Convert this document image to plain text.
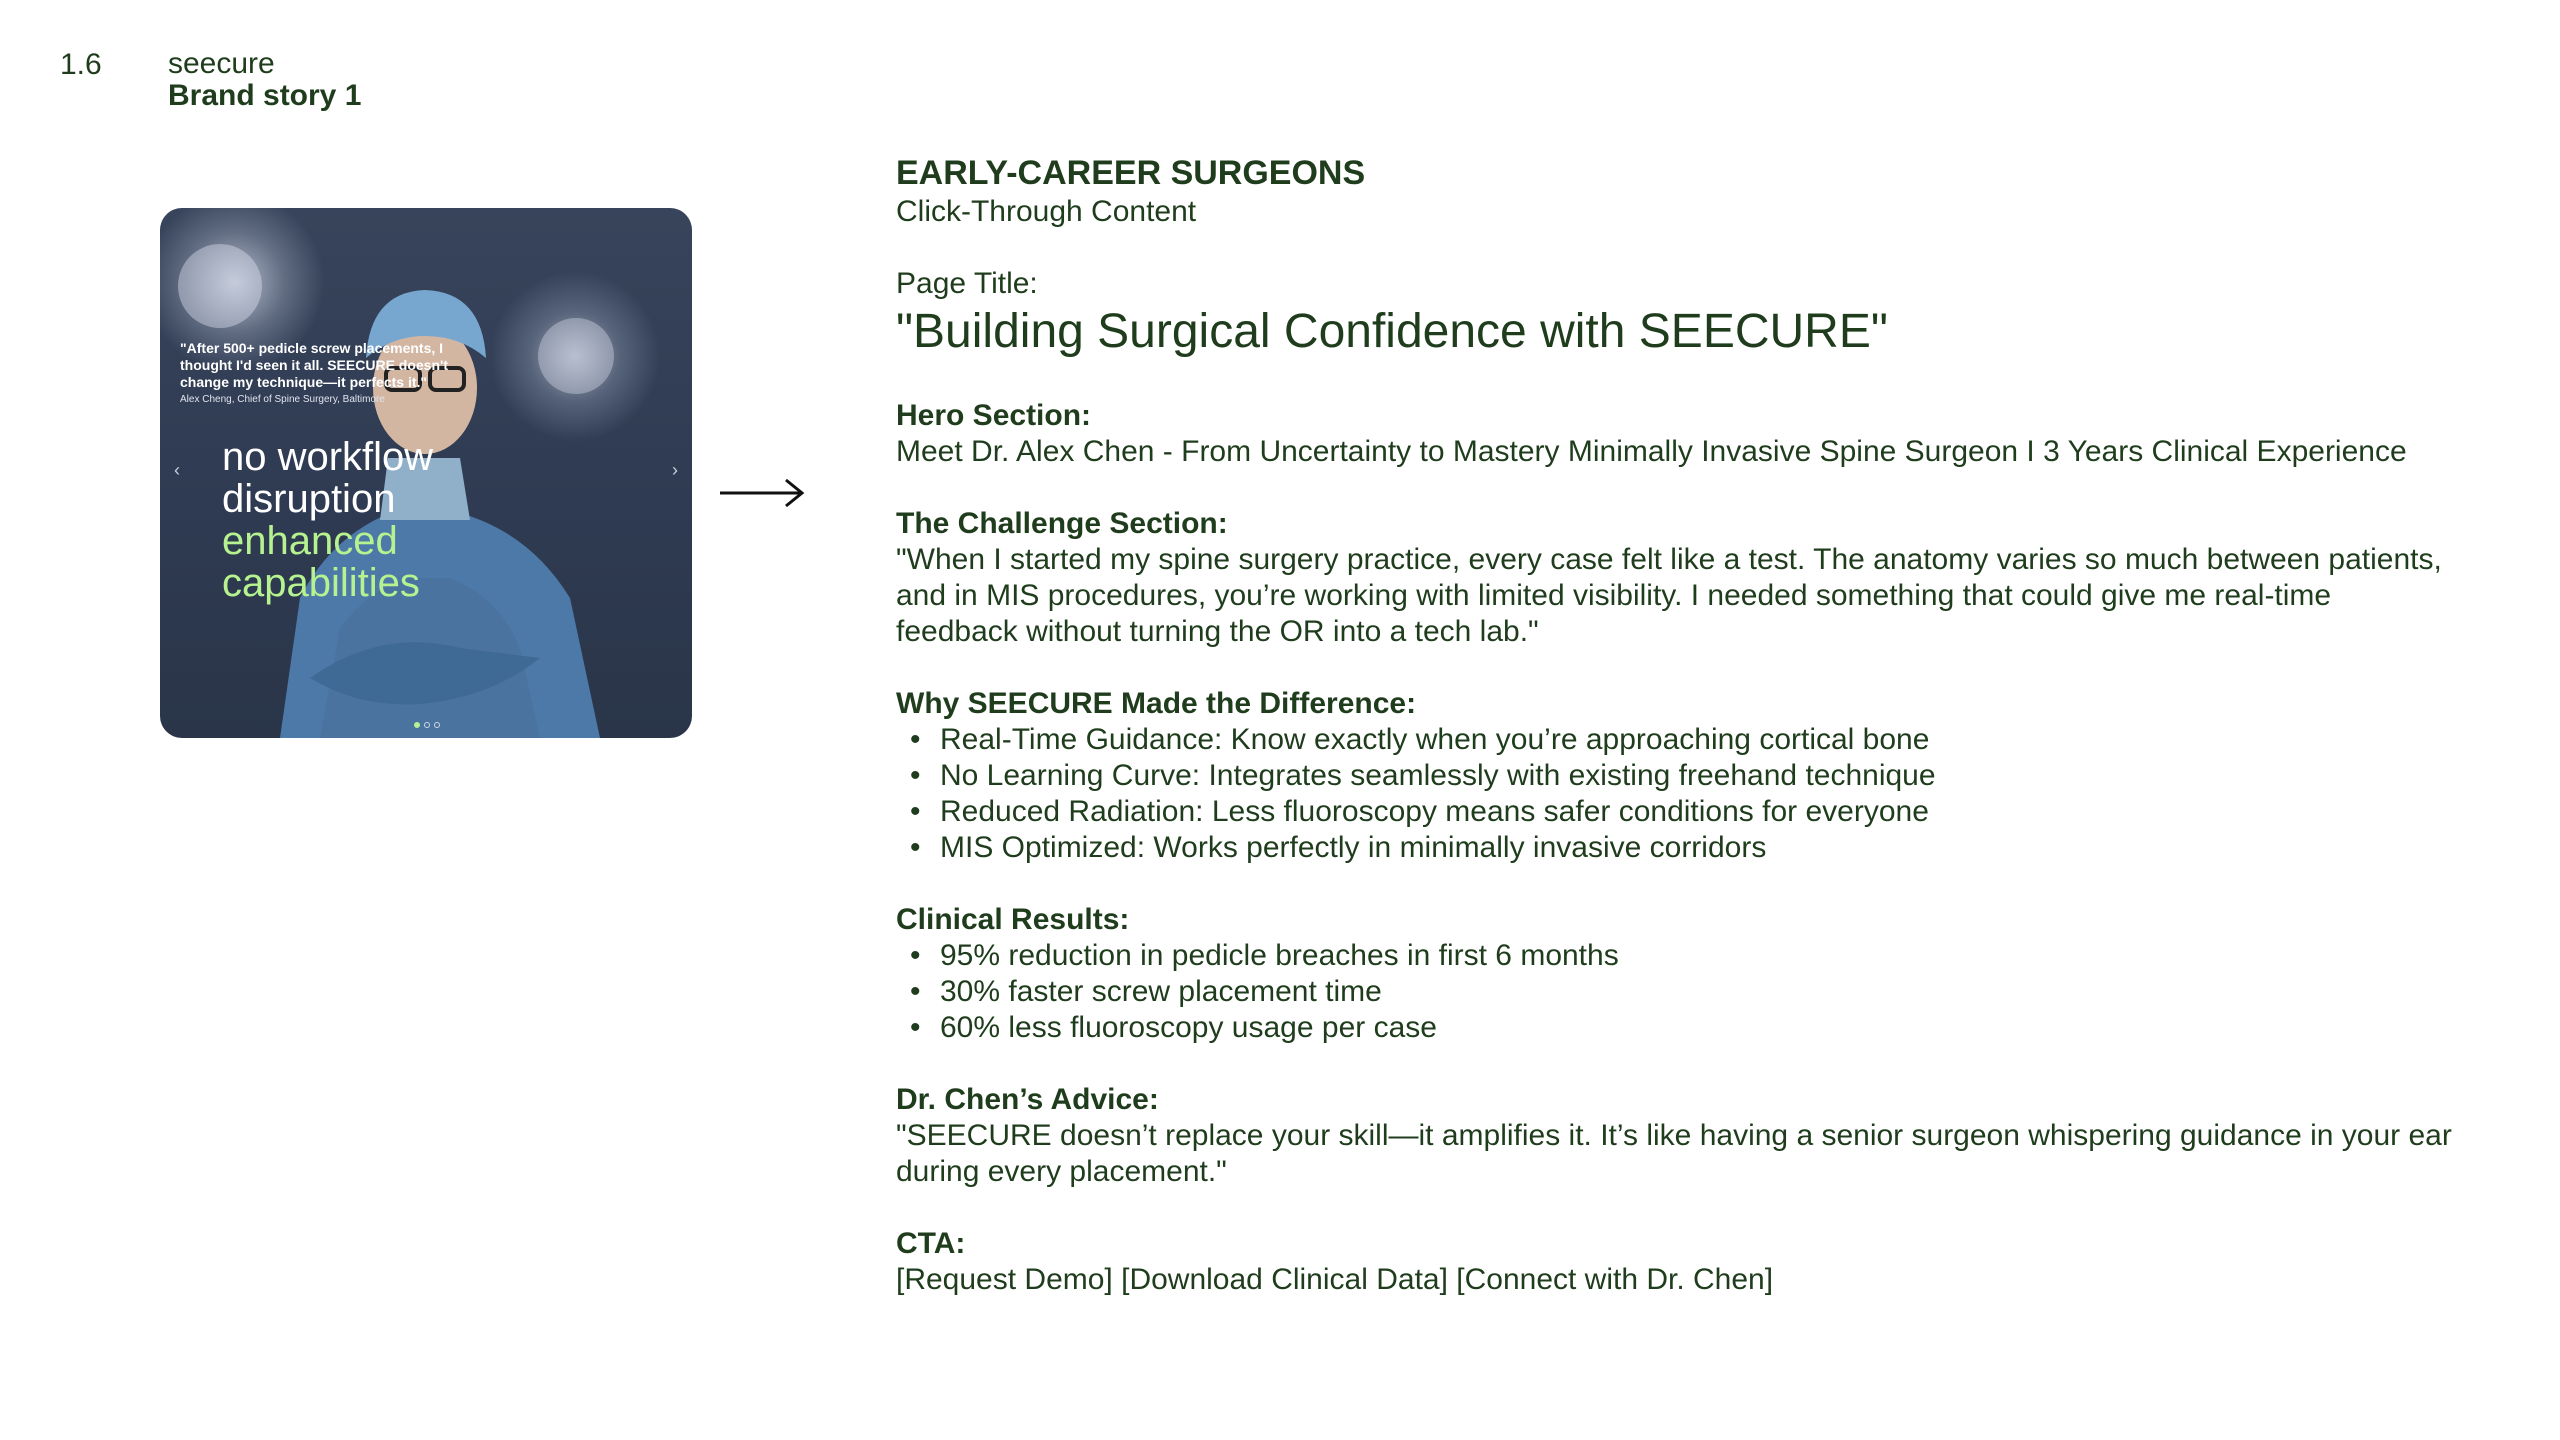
1.6 seecure
Brand story 1
"After 500+ pedicle screw placements, I thought I'd seen it all. SEECURE doesn't change my technique—it perfects it."
Alex Cheng, Chief of Spine Surgery, Baltimore
no workflow
disruption
enhanced
capabilities
‹	›

EARLY-CAREER SURGEONS

Click-Through Content

Page Title:

"Building Surgical Confidence with SEECURE"

Hero Section:

Meet Dr. Alex Chen - From Uncertainty to Mastery Minimally Invasive Spine Surgeon I 3 Years Clinical Experience

The Challenge Section:

"When I started my spine surgery practice, every case felt like a test. The anatomy varies so much between patients, and in MIS procedures, you’re working with limited visibility. I needed something that could give me real-time feedback without turning the OR into a tech lab."

Why SEECURE Made the Difference:

• Real-Time Guidance: Know exactly when you’re approaching cortical bone
• No Learning Curve: Integrates seamlessly with existing freehand technique
• Reduced Radiation: Less fluoroscopy means safer conditions for everyone
• MIS Optimized: Works perfectly in minimally invasive corridors

Clinical Results:

• 95% reduction in pedicle breaches in first 6 months
• 30% faster screw placement time
• 60% less fluoroscopy usage per case

Dr. Chen’s Advice:

"SEECURE doesn’t replace your skill—it amplifies it. It’s like having a senior surgeon whispering guidance in your ear during every placement."

CTA:

[Request Demo] [Download Clinical Data] [Connect with Dr. Chen]
